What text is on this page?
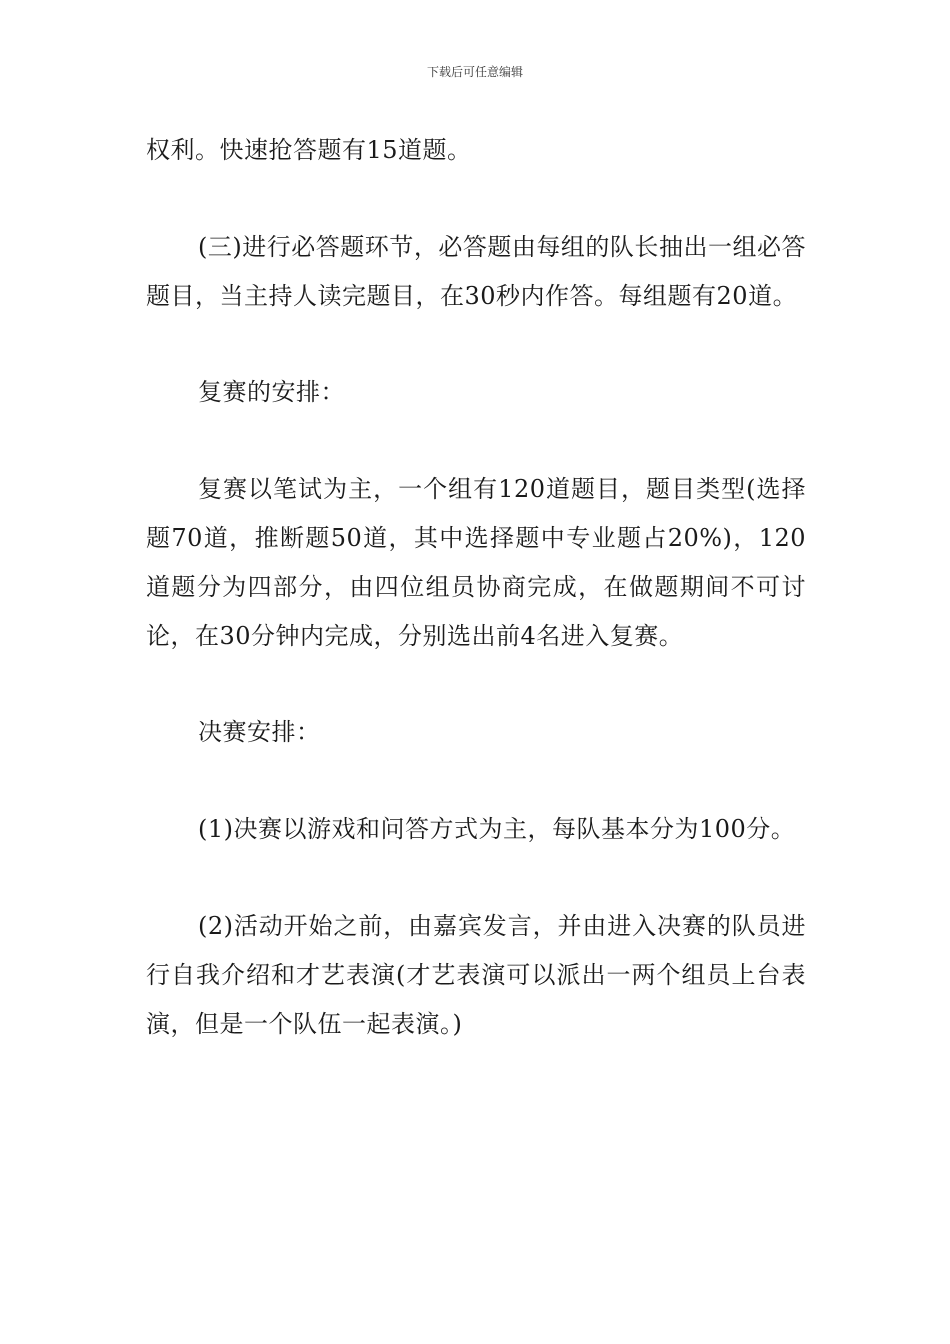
下载后可任意编辑

权利。快速抢答题有15道题。

(三)进行必答题环节，必答题由每组的队长抽出一组必答题目，当主持人读完题目，在30秒内作答。每组题有20道。

复赛的安排：

复赛以笔试为主，一个组有120道题目，题目类型(选择题70道，推断题50道，其中选择题中专业题占20%)，120道题分为四部分，由四位组员协商完成，在做题期间不可讨论，在30分钟内完成，分别选出前4名进入复赛。

决赛安排：

(1)决赛以游戏和问答方式为主，每队基本分为100分。

(2)活动开始之前，由嘉宾发言，并由进入决赛的队员进行自我介绍和才艺表演(才艺表演可以派出一两个组员上台表演，但是一个队伍一起表演。)
